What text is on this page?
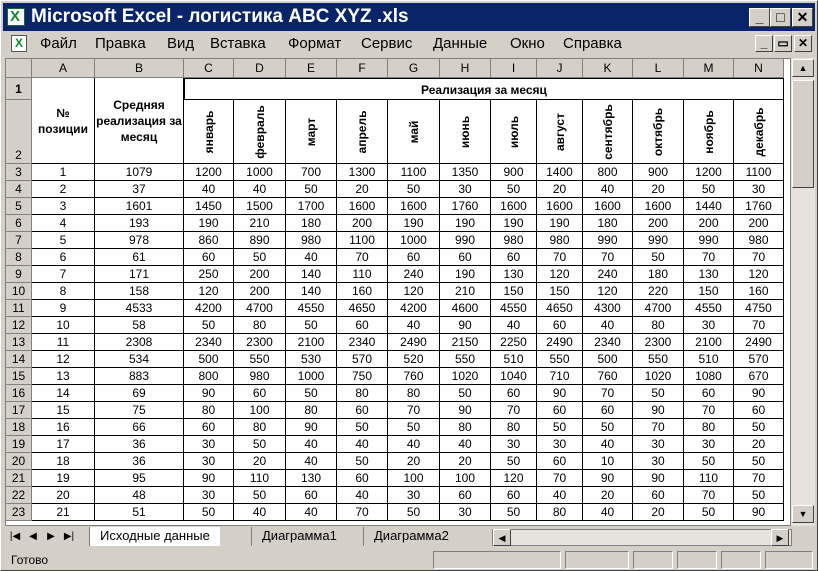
X
Microsoft Excel - логистика ABC XYZ .xls	_ □ ✕
X
Файл Правка Вид Вставка Формат Сервис Данные Окно Справка	_ ▭ ✕
A	B	C	D	E	F	G	H	I	J	K	L	M	N
1
2
№ позиции
Средняя реализация за месяц
Реализация за месяц
январь	февраль	март	апрель	май	июнь	июль	август	сентябрь	октябрь	ноябрь	декабрь
3	1	1079	1200	1000	700	1300	1100	1350	900	1400	800	900	1200	1100
4	2	37	40	40	50	20	50	30	50	20	40	20	50	30
5	3	1601	1450	1500	1700	1600	1600	1760	1600	1600	1600	1600	1440	1760
6	4	193	190	210	180	200	190	190	190	190	180	200	200	200
7	5	978	860	890	980	1100	1000	990	980	980	990	990	990	980
8	6	61	60	50	40	70	60	60	60	70	70	50	70	70
9	7	171	250	200	140	110	240	190	130	120	240	180	130	120
10	8	158	120	200	140	160	120	210	150	150	120	220	150	160
11	9	4533	4200	4700	4550	4650	4200	4600	4550	4650	4300	4700	4550	4750
12	10	58	50	80	50	60	40	90	40	60	40	80	30	70
13	11	2308	2340	2300	2100	2340	2490	2150	2250	2490	2340	2300	2100	2490
14	12	534	500	550	530	570	520	550	510	550	500	550	510	570
15	13	883	800	980	1000	750	760	1020	1040	710	760	1020	1080	670
16	14	69	90	60	50	80	80	50	60	90	70	50	60	90
17	15	75	80	100	80	60	70	90	70	60	60	90	70	60
18	16	66	60	80	90	50	50	80	80	50	50	70	80	50
19	17	36	30	50	40	40	40	40	30	30	40	30	30	20
20	18	36	30	20	40	50	20	20	50	60	10	30	50	50
21	19	95	90	110	130	60	100	100	120	70	90	90	110	70
22	20	48	30	50	60	40	30	60	60	40	20	60	70	50
23	21	51	50	40	40	70	50	30	50	80	40	20	50	90
▲
▼
|◀ ◀	▶ ▶|	Исходные данные	Диаграмма1	Диаграмма2	◀	▶
Готово
